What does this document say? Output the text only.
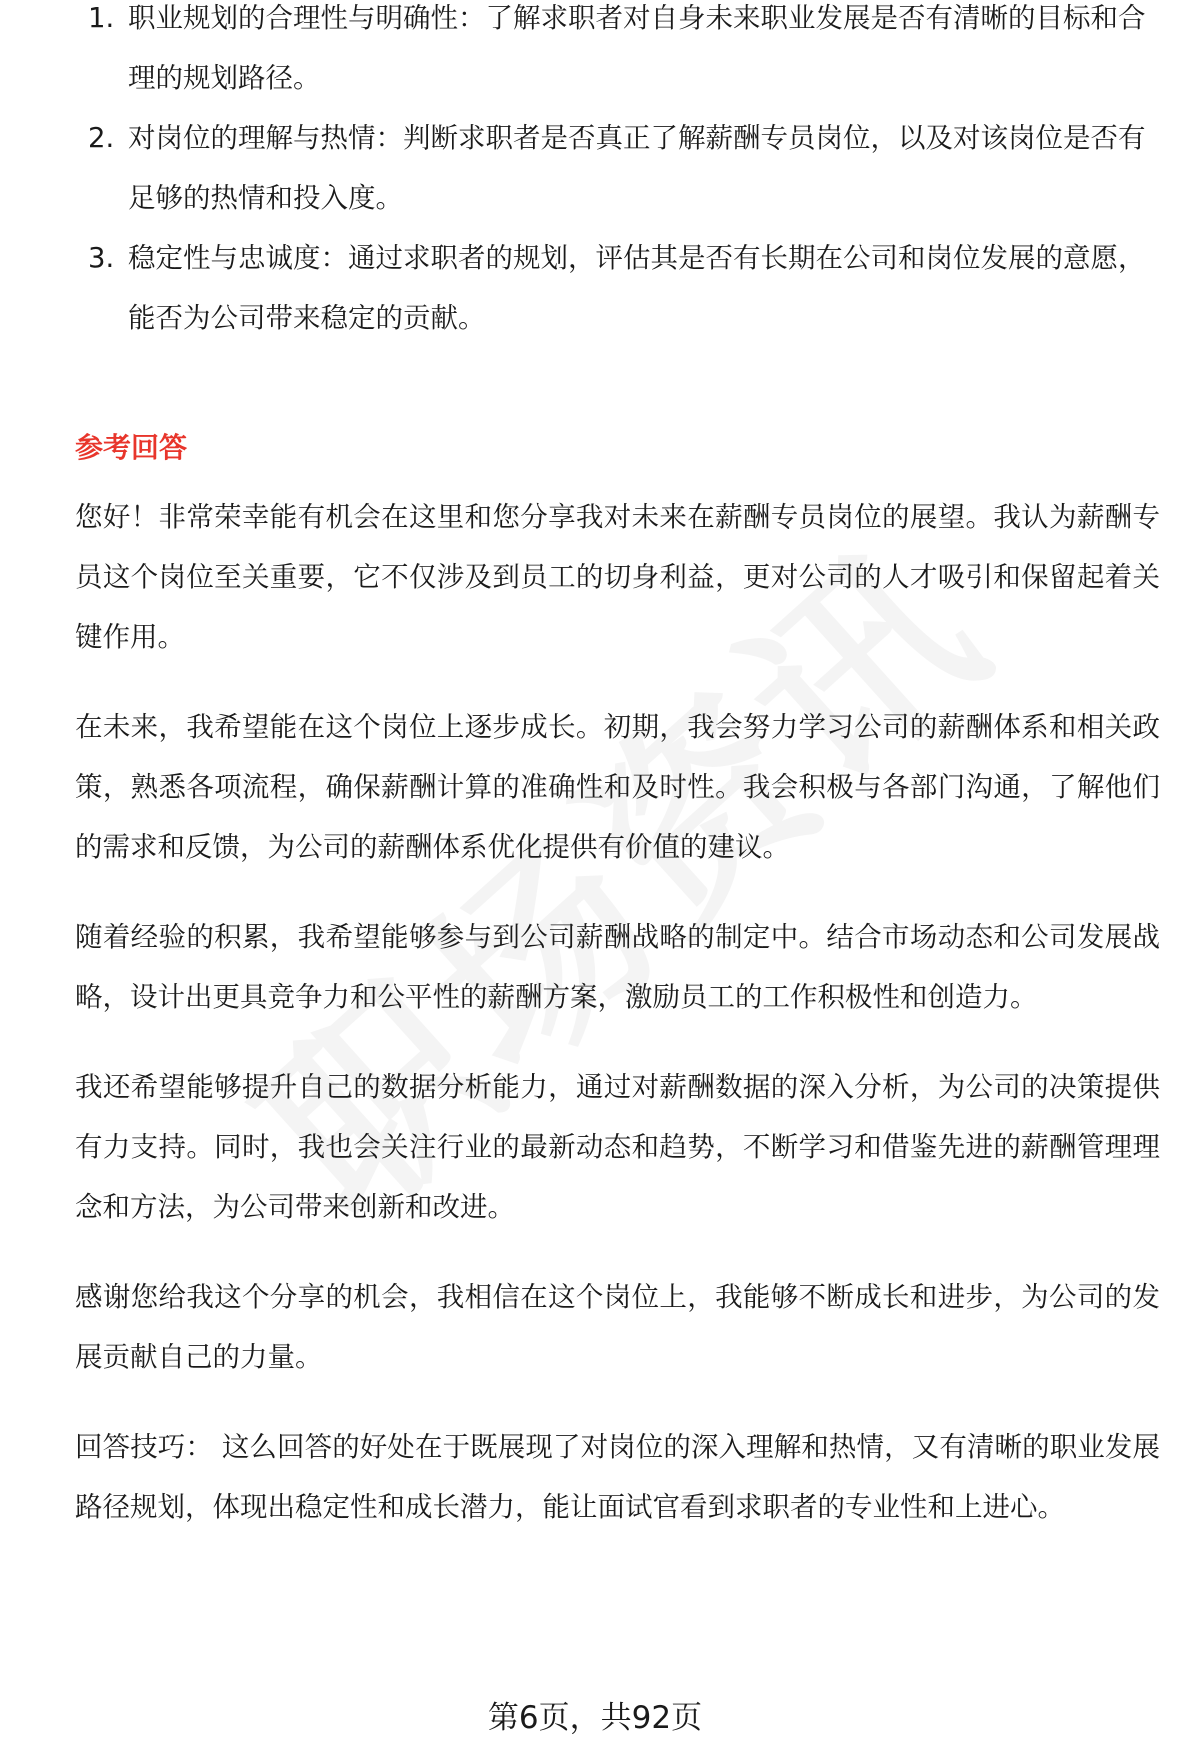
1. 职业规划的合理性与明确性：了解求职者对自身未来职业发展是否有清晰的目标和合理的规划路径。
2. 对岗位的理解与热情：判断求职者是否真正了解薪酬专员岗位，以及对该岗位是否有足够的热情和投入度。
3. 稳定性与忠诚度：通过求职者的规划，评估其是否有长期在公司和岗位发展的意愿，能否为公司带来稳定的贡献。
参考回答

您好！非常荣幸能有机会在这里和您分享我对未来在薪酬专员岗位的展望。我认为薪酬专员这个岗位至关重要，它不仅涉及到员工的切身利益，更对公司的人才吸引和保留起着关键作用。

在未来，我希望能在这个岗位上逐步成长。初期，我会努力学习公司的薪酬体系和相关政策，熟悉各项流程，确保薪酬计算的准确性和及时性。我会积极与各部门沟通，了解他们的需求和反馈，为公司的薪酬体系优化提供有价值的建议。

随着经验的积累，我希望能够参与到公司薪酬战略的制定中。结合市场动态和公司发展战略，设计出更具竞争力和公平性的薪酬方案，激励员工的工作积极性和创造力。

我还希望能够提升自己的数据分析能力，通过对薪酬数据的深入分析，为公司的决策提供有力支持。同时，我也会关注行业的最新动态和趋势，不断学习和借鉴先进的薪酬管理理念和方法，为公司带来创新和改进。

感谢您给我这个分享的机会，我相信在这个岗位上，我能够不断成长和进步，为公司的发展贡献自己的力量。

回答技巧： 这么回答的好处在于既展现了对岗位的深入理解和热情，又有清晰的职业发展路径规划，体现出稳定性和成长潜力，能让面试官看到求职者的专业性和上进心。

第6页，共92页
